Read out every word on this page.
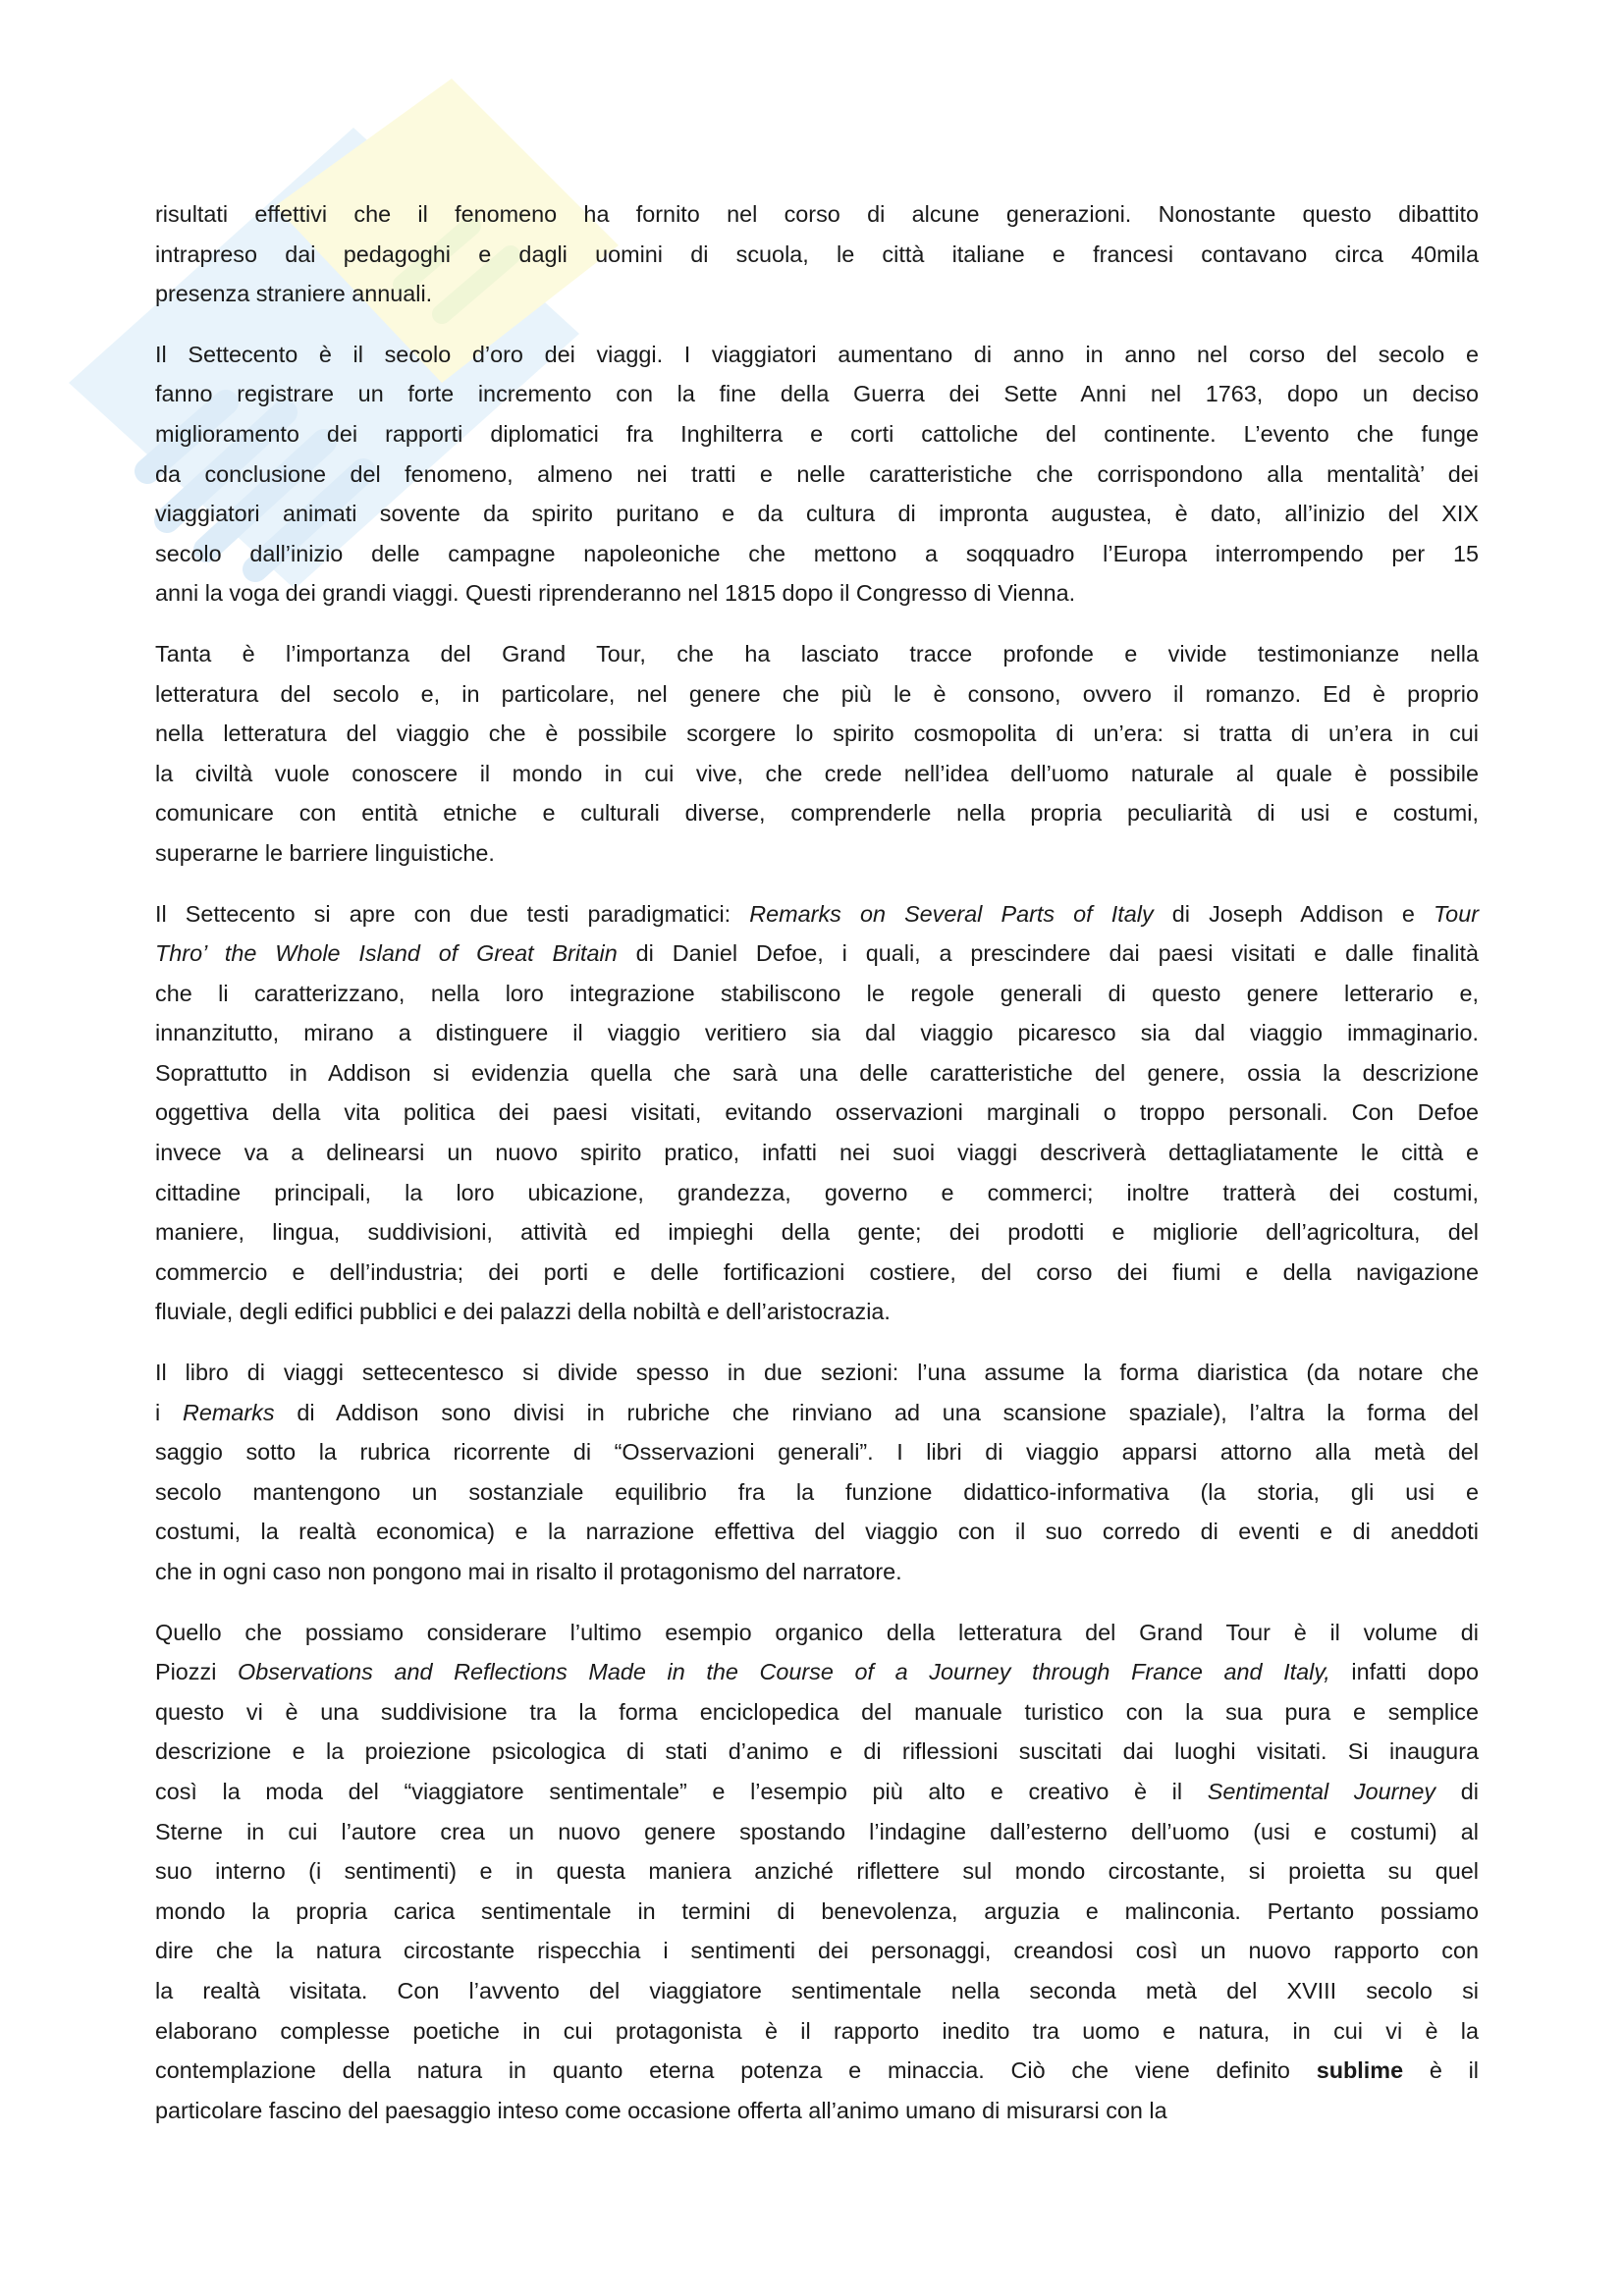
risultati effettivi che il fenomeno ha fornito nel corso di alcune generazioni. Nonostante questo dibattito
intrapreso dai pedagoghi e dagli uomini di scuola, le città italiane e francesi contavano circa 40mila
presenza straniere annuali.
Il Settecento è il secolo d’oro dei viaggi. I viaggiatori aumentano di anno in anno nel corso del secolo e
fanno registrare un forte incremento con la fine della Guerra dei Sette Anni nel 1763, dopo un deciso
miglioramento dei rapporti diplomatici fra Inghilterra e corti cattoliche del continente. L’evento che funge
da conclusione del fenomeno, almeno nei tratti e nelle caratteristiche che corrispondono alla mentalità’ dei
viaggiatori animati sovente da spirito puritano e da cultura di impronta augustea, è dato, all’inizio del XIX
secolo dall’inizio delle campagne napoleoniche che mettono a soqquadro l’Europa interrompendo per 15
anni la voga dei grandi viaggi. Questi riprenderanno nel 1815 dopo il Congresso di Vienna.
Tanta è l’importanza del Grand Tour, che ha lasciato tracce profonde e vivide testimonianze nella
letteratura del secolo e, in particolare, nel genere che più le è consono, ovvero il romanzo. Ed è proprio
nella letteratura del viaggio che è possibile scorgere lo spirito cosmopolita di un’era: si tratta di un’era in cui
la civiltà vuole conoscere il mondo in cui vive, che crede nell’idea dell’uomo naturale al quale è possibile
comunicare con entità etniche e culturali diverse, comprenderle nella propria peculiarità di usi e costumi,
superarne le barriere linguistiche.
Il Settecento si apre con due testi paradigmatici: Remarks on Several Parts of Italy di Joseph Addison e Tour
Thro’ the Whole Island of Great Britain di Daniel Defoe, i quali, a prescindere dai paesi visitati e dalle finalità
che li caratterizzano, nella loro integrazione stabiliscono le regole generali di questo genere letterario e,
innanzitutto, mirano a distinguere il viaggio veritiero sia dal viaggio picaresco sia dal viaggio immaginario.
Soprattutto in Addison si evidenzia quella che sarà una delle caratteristiche del genere, ossia la descrizione
oggettiva della vita politica dei paesi visitati, evitando osservazioni marginali o troppo personali. Con Defoe
invece va a delinearsi un nuovo spirito pratico, infatti nei suoi viaggi descriverà dettagliatamente le città e
cittadine principali, la loro ubicazione, grandezza, governo e commerci; inoltre tratterà dei costumi,
maniere, lingua, suddivisioni, attività ed impieghi della gente; dei prodotti e migliorie dell’agricoltura, del
commercio e dell’industria; dei porti e delle fortificazioni costiere, del corso dei fiumi e della navigazione
fluviale, degli edifici pubblici e dei palazzi della nobiltà e dell’aristocrazia.
Il libro di viaggi settecentesco si divide spesso in due sezioni: l’una assume la forma diaristica (da notare che
i Remarks di Addison sono divisi in rubriche che rinviano ad una scansione spaziale), l’altra la forma del
saggio sotto la rubrica ricorrente di “Osservazioni generali”. I libri di viaggio apparsi attorno alla metà del
secolo mantengono un sostanziale equilibrio fra la funzione didattico-informativa (la storia, gli usi e
costumi, la realtà economica) e la narrazione effettiva del viaggio con il suo corredo di eventi e di aneddoti
che in ogni caso non pongono mai in risalto il protagonismo del narratore.
Quello che possiamo considerare l’ultimo esempio organico della letteratura del Grand Tour è il volume di
Piozzi Observations and Reflections Made in the Course of a Journey through France and Italy, infatti dopo
questo vi è una suddivisione tra la forma enciclopedica del manuale turistico con la sua pura e semplice
descrizione e la proiezione psicologica di stati d’animo e di riflessioni suscitati dai luoghi visitati. Si inaugura
così la moda del “viaggiatore sentimentale” e l’esempio più alto e creativo è il Sentimental Journey di
Sterne in cui l’autore crea un nuovo genere spostando l’indagine dall’esterno dell’uomo (usi e costumi) al
suo interno (i sentimenti) e in questa maniera anziché riflettere sul mondo circostante, si proietta su quel
mondo la propria carica sentimentale in termini di benevolenza, arguzia e malinconia. Pertanto possiamo
dire che la natura circostante rispecchia i sentimenti dei personaggi, creandosi così un nuovo rapporto con
la realtà visitata. Con l’avvento del viaggiatore sentimentale nella seconda metà del XVIII secolo si
elaborano complesse poetiche in cui protagonista è il rapporto inedito tra uomo e natura, in cui vi è la
contemplazione della natura in quanto eterna potenza e minaccia. Ciò che viene definito sublime è il
particolare fascino del paesaggio inteso come occasione offerta all’animo umano di misurarsi con la
